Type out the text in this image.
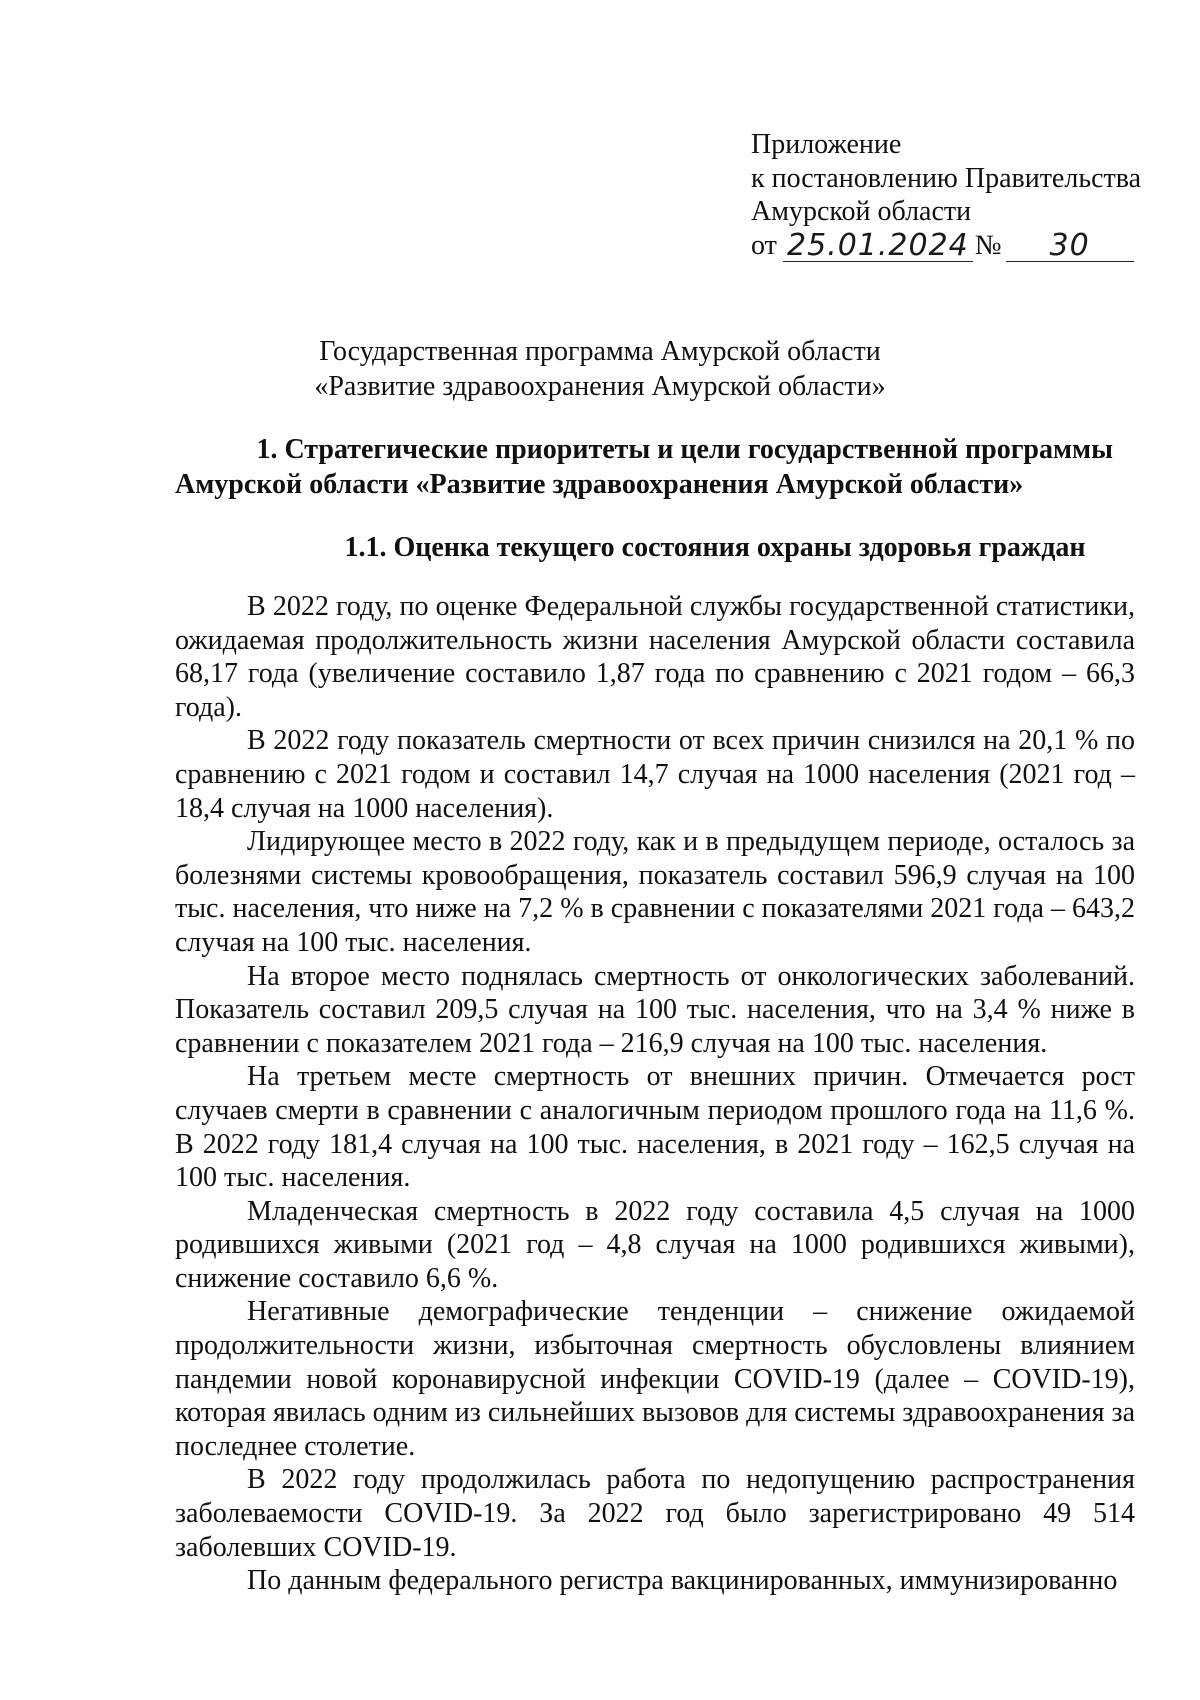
Приложение
к постановлению Правительства
Амурской области
от 25.01.2024 №	30
Государственная программа Амурской области
«Развитие здравоохранения Амурской области»
1. Стратегические приоритеты и цели государственной программы
Амурской области «Развитие здравоохранения Амурской области»
1.1. Оценка текущего состояния охраны здоровья граждан

В 2022 году, по оценке Федеральной службы государственной статистики, ожидаемая продолжительность жизни населения Амурской области составила 68,17 года (увеличение составило 1,87 года по сравнению с 2021 годом – 66,3 года).

В 2022 году показатель смертности от всех причин снизился на 20,1 % по сравнению с 2021 годом и составил 14,7 случая на 1000 населения (2021 год – 18,4 случая на 1000 населения).

Лидирующее место в 2022 году, как и в предыдущем периоде, осталось за болезнями системы кровообращения, показатель составил 596,9 случая на 100 тыс. населения, что ниже на 7,2 % в сравнении с показателями 2021 года – 643,2 случая на 100 тыс. населения.

На второе место поднялась смертность от онкологических заболеваний. Показатель составил 209,5 случая на 100 тыс. населения, что на 3,4 % ниже в сравнении с показателем 2021 года – 216,9 случая на 100 тыс. населения.

На третьем месте смертность от внешних причин. Отмечается рост случаев смерти в сравнении с аналогичным периодом прошлого года на 11,6 %. В 2022 году 181,4 случая на 100 тыс. населения, в 2021 году – 162,5 случая на 100 тыс. населения.

Младенческая смертность в 2022 году составила 4,5 случая на 1000 родившихся живыми (2021 год – 4,8 случая на 1000 родившихся живыми), снижение составило 6,6 %.

Негативные демографические тенденции – снижение ожидаемой продолжительности жизни, избыточная смертность обусловлены влиянием пандемии новой коронавирусной инфекции COVID-19 (далее – COVID-19), которая явилась одним из сильнейших вызовов для системы здравоохранения за последнее столетие.

В 2022 году продолжилась работа по недопущению распространения заболеваемости COVID-19. За 2022 год было зарегистрировано 49 514 заболевших COVID-19.

По данным федерального регистра вакцинированных, иммунизированно
